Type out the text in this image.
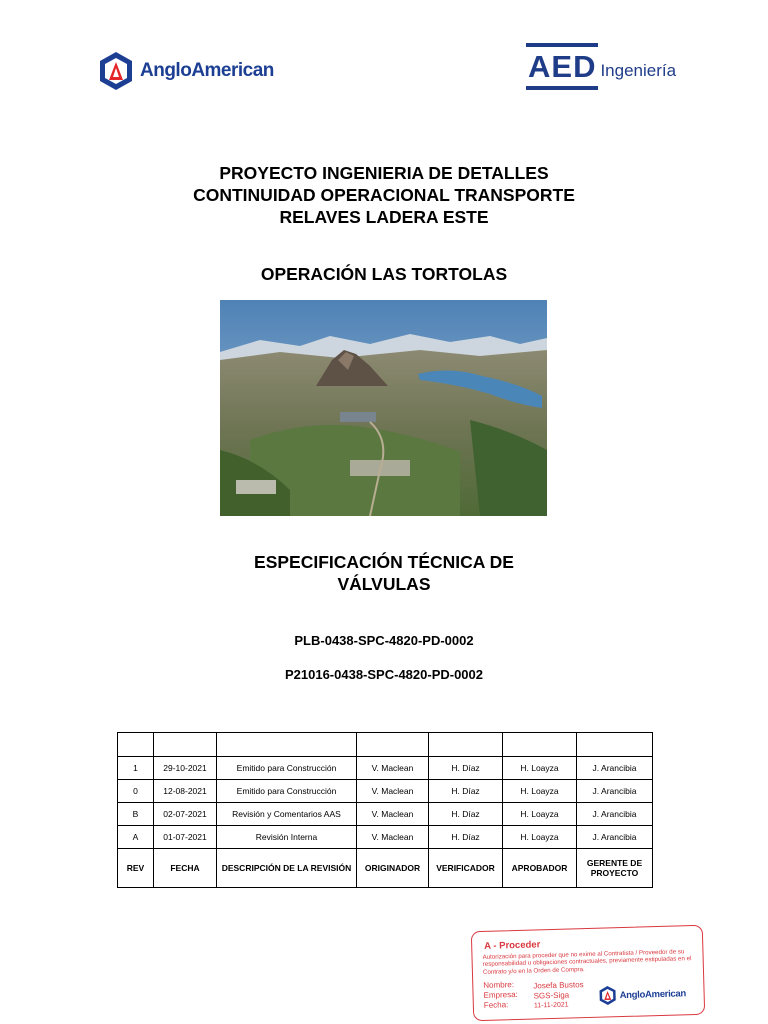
AngloAmerican	AED Ingeniería
PROYECTO INGENIERIA DE DETALLES
CONTINUIDAD OPERACIONAL TRANSPORTE
RELAVES LADERA ESTE
OPERACIÓN LAS TORTOLAS
ESPECIFICACIÓN TÉCNICA DE
VÁLVULAS
PLB-0438-SPC-4820-PD-0002
P21016-0438-SPC-4820-PD-0002

1	29-10-2021	Emitido para Construcción	V. Maclean	H. Díaz	H. Loayza	J. Arancibia
0	12-08-2021	Emitido para Construcción	V. Maclean	H. Díaz	H. Loayza	J. Arancibia
B	02-07-2021	Revisión y Comentarios AAS	V. Maclean	H. Díaz	H. Loayza	J. Arancibia
A	01-07-2021	Revisión Interna	V. Maclean	H. Díaz	H. Loayza	J. Arancibia
REV	FECHA	DESCRIPCIÓN DE LA REVISIÓN	ORIGINADOR	VERIFICADOR	APROBADOR	GERENTE DE PROYECTO
A - Proceder
Autorización para proceder que no exime al Contratista / Proveedor de su responsabilidad u obligaciones contractuales, previamente estipuladas en el Contrato y/o en la Orden de Compra.
Nombre: Josefa Bustos
Empresa: SGS-Siga
Fecha:	11-11-2021
AngloAmerican
